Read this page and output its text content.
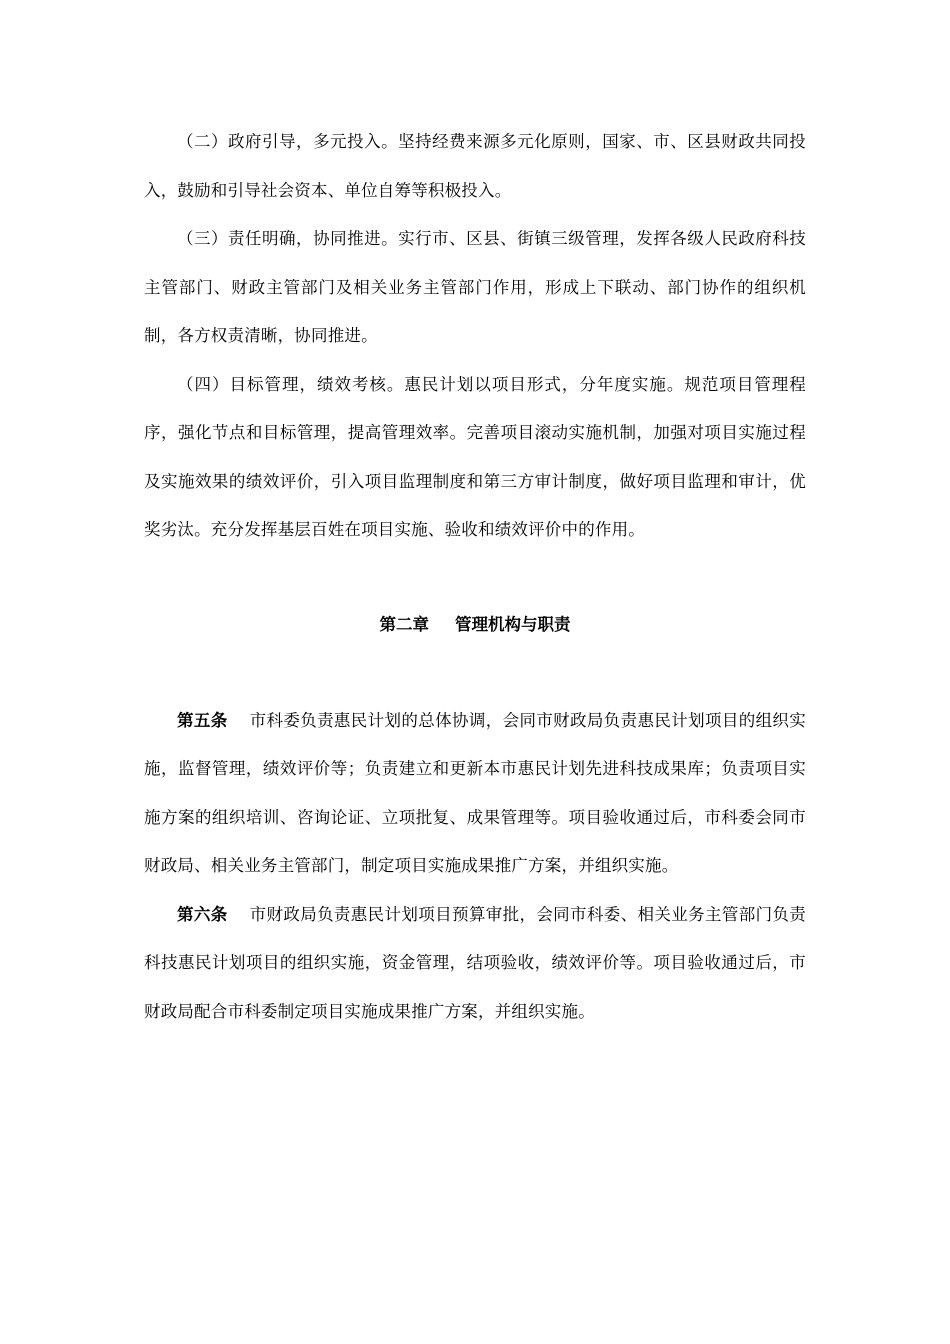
（二）政府引导，多元投入。坚持经费来源多元化原则，国家、市、区县财政共同投入，鼓励和引导社会资本、单位自筹等积极投入。

（三）责任明确，协同推进。实行市、区县、街镇三级管理，发挥各级人民政府科技主管部门、财政主管部门及相关业务主管部门作用，形成上下联动、部门协作的组织机制，各方权责清晰，协同推进。

（四）目标管理，绩效考核。惠民计划以项目形式，分年度实施。规范项目管理程序，强化节点和目标管理，提高管理效率。完善项目滚动实施机制，加强对项目实施过程及实施效果的绩效评价，引入项目监理制度和第三方审计制度，做好项目监理和审计，优奖劣汰。充分发挥基层百姓在项目实施、验收和绩效评价中的作用。

第二章 管理机构与职责

第五条 市科委负责惠民计划的总体协调，会同市财政局负责惠民计划项目的组织实施，监督管理，绩效评价等；负责建立和更新本市惠民计划先进科技成果库；负责项目实施方案的组织培训、咨询论证、立项批复、成果管理等。项目验收通过后，市科委会同市财政局、相关业务主管部门，制定项目实施成果推广方案，并组织实施。

第六条 市财政局负责惠民计划项目预算审批，会同市科委、相关业务主管部门负责科技惠民计划项目的组织实施，资金管理，结项验收，绩效评价等。项目验收通过后，市财政局配合市科委制定项目实施成果推广方案，并组织实施。
